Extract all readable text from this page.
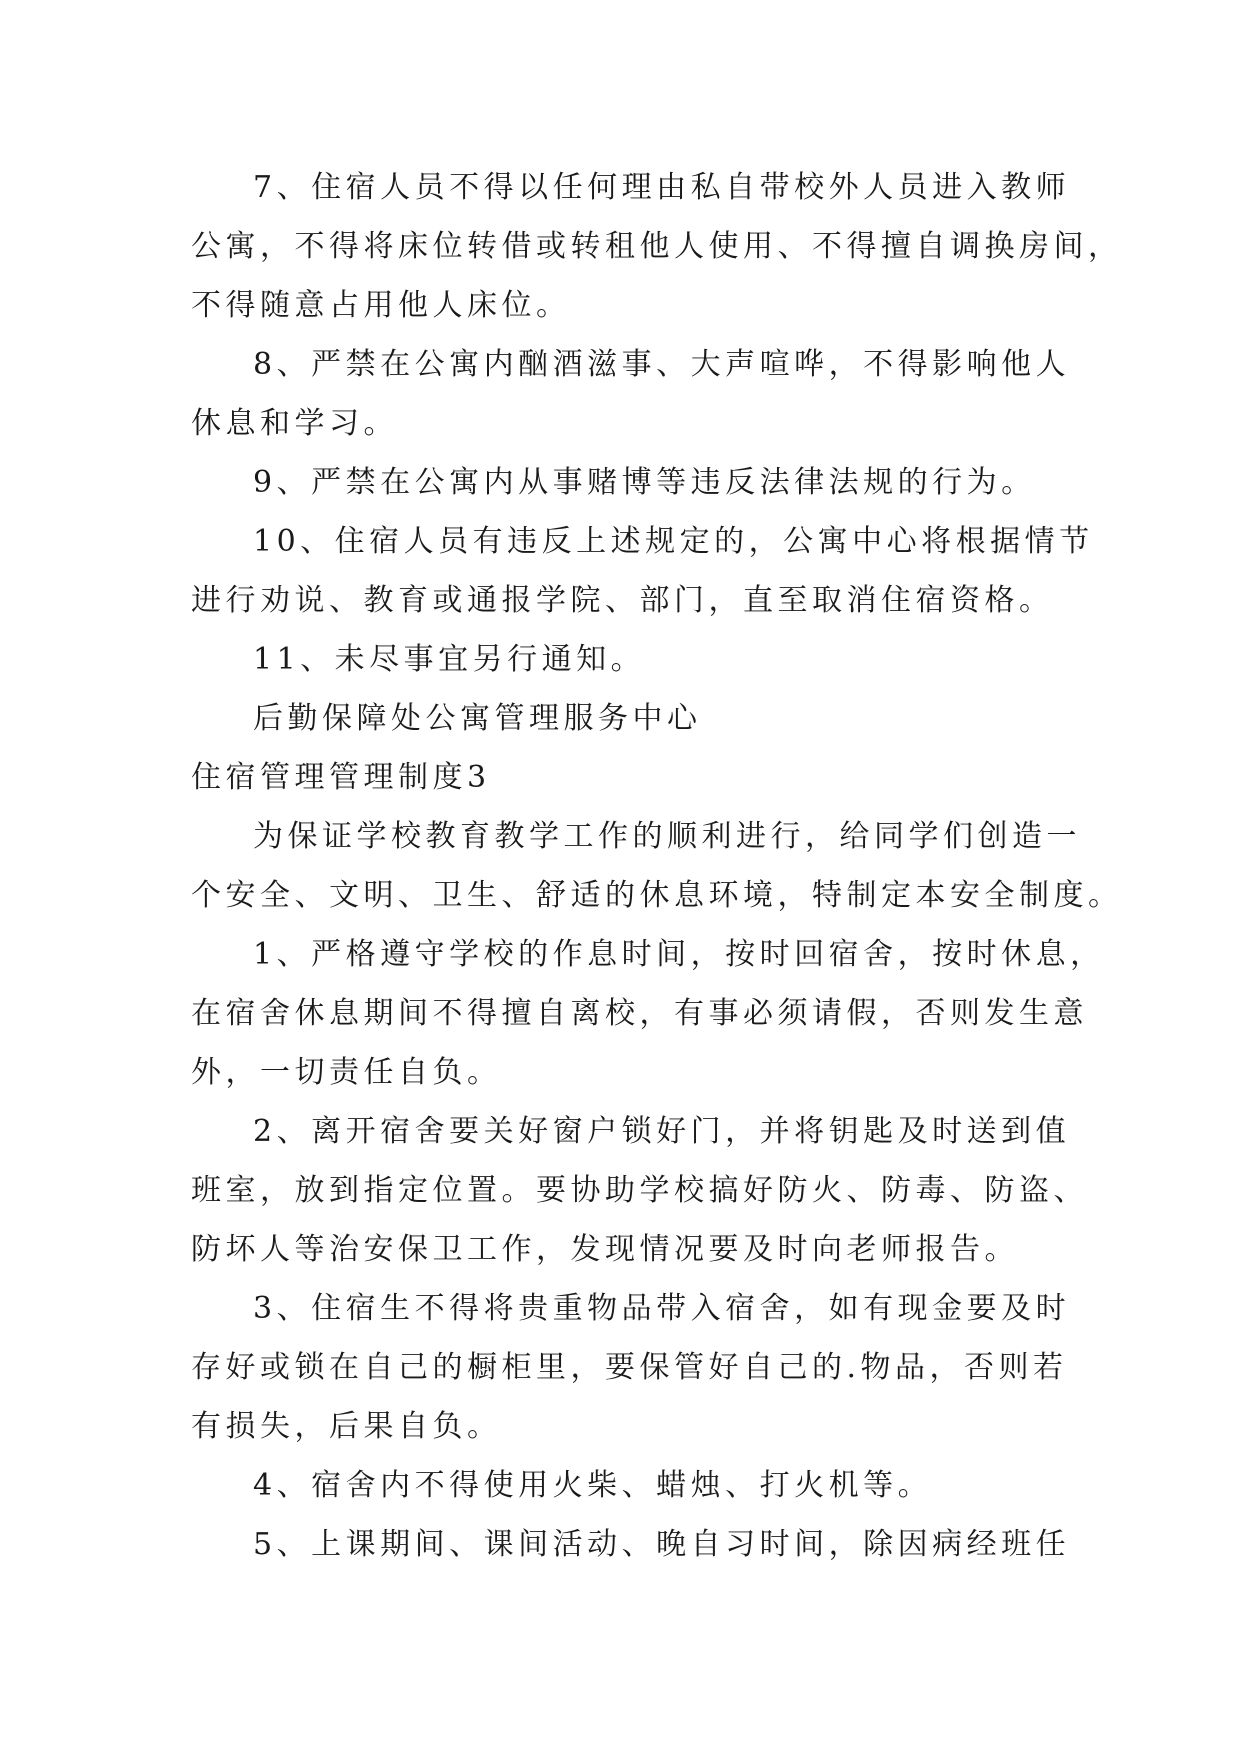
7、住宿人员不得以任何理由私自带校外人员进入教师
公寓，不得将床位转借或转租他人使用、不得擅自调换房间，
不得随意占用他人床位。
8、严禁在公寓内酗酒滋事、大声喧哗，不得影响他人
休息和学习。
9、严禁在公寓内从事赌博等违反法律法规的行为。
10、住宿人员有违反上述规定的，公寓中心将根据情节
进行劝说、教育或通报学院、部门，直至取消住宿资格。
11、未尽事宜另行通知。
后勤保障处公寓管理服务中心
住宿管理管理制度3
为保证学校教育教学工作的顺利进行，给同学们创造一
个安全、文明、卫生、舒适的休息环境，特制定本安全制度。
1、严格遵守学校的作息时间，按时回宿舍，按时休息，
在宿舍休息期间不得擅自离校，有事必须请假，否则发生意
外，一切责任自负。
2、离开宿舍要关好窗户锁好门，并将钥匙及时送到值
班室，放到指定位置。要协助学校搞好防火、防毒、防盗、
防坏人等治安保卫工作，发现情况要及时向老师报告。
3、住宿生不得将贵重物品带入宿舍，如有现金要及时
存好或锁在自己的橱柜里，要保管好自己的.物品，否则若
有损失，后果自负。
4、宿舍内不得使用火柴、蜡烛、打火机等。
5、上课期间、课间活动、晚自习时间，除因病经班任
